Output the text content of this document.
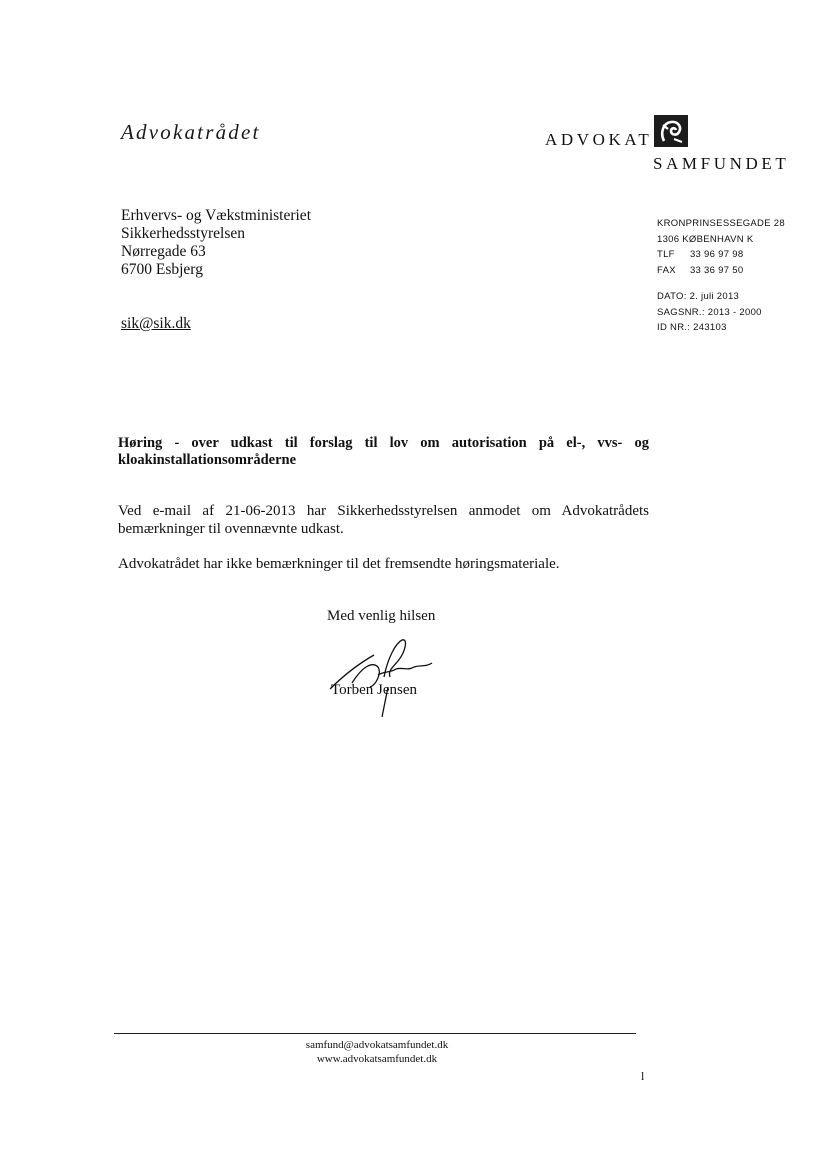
Advokatrådet	ADVOKAT
SAMFUNDET
Erhvervs- og Vækstministeriet
Sikkerhedsstyrelsen
Nørregade 63
6700 Esbjerg
sik@sik.dk
KRONPRINSESSEGADE 28
1306 KØBENHAVN K
TLF 33 96 97 98
FAX 33 36 97 50
DATO: 2. juli 2013
SAGSNR.: 2013 - 2000
ID NR.: 243103
Høring - over udkast til forslag til lov om autorisation på el-, vvs- og kloakinstallationsområderne
Ved e-mail af 21-06-2013 har Sikkerhedsstyrelsen anmodet om Advokatrådets
bemærkninger til ovennævnte udkast.
Advokatrådet har ikke bemærkninger til det fremsendte høringsmateriale.
Med venlig hilsen
Torben Jensen
samfund@advokatsamfundet.dk
www.advokatsamfundet.dk
l
